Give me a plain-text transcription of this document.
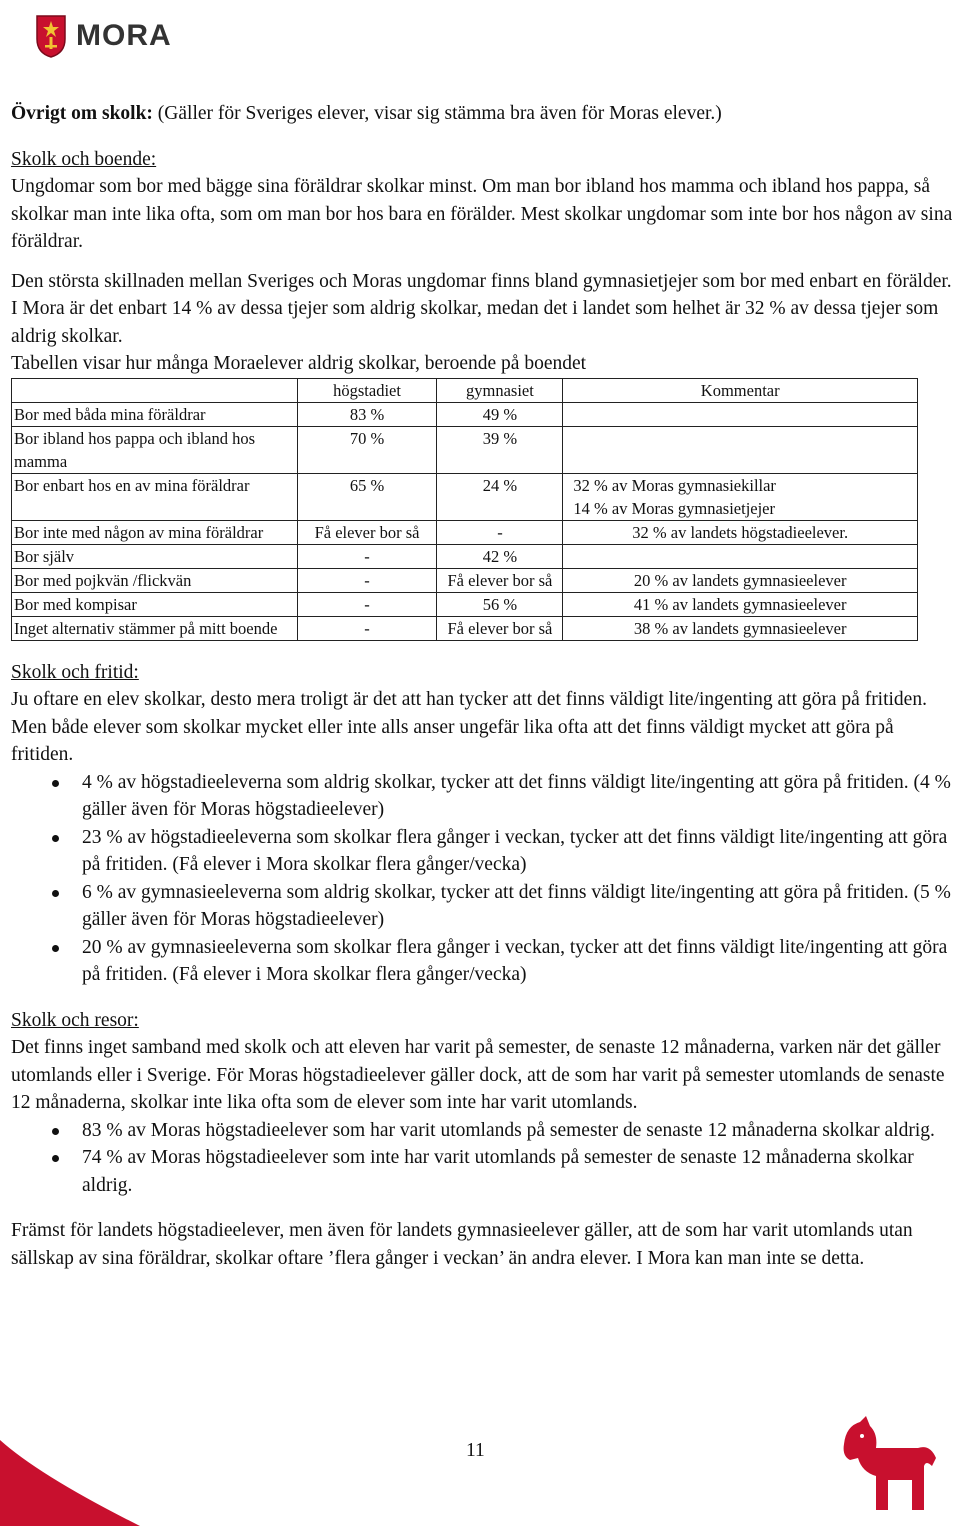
MORA

Övrigt om skolk: (Gäller för Sveriges elever, visar sig stämma bra även för Moras elever.)

Skolk och boende:

Ungdomar som bor med bägge sina föräldrar skolkar minst. Om man bor ibland hos mamma och ibland hos pappa, så skolkar man inte lika ofta, som om man bor hos bara en förälder. Mest skolkar ungdomar som inte bor hos någon av sina föräldrar.

Den största skillnaden mellan Sveriges och Moras ungdomar finns bland gymnasietjejer som bor med enbart en förälder. I Mora är det enbart 14 % av dessa tjejer som aldrig skolkar, medan det i landet som helhet är 32 % av dessa tjejer som aldrig skolkar.

Tabellen visar hur många Moraelever aldrig skolkar, beroende på boendet

	högstadiet	gymnasiet	Kommentar
Bor med båda mina föräldrar	83 %	49 %	
Bor ibland hos pappa och ibland hos mamma	70 %	39 %	
Bor enbart hos en av mina föräldrar	65 %	24 %	32 % av Moras gymnasiekillar
14 % av Moras gymnasietjejer
Bor inte med någon av mina föräldrar	Få elever bor så	-	32 % av landets högstadieelever.
Bor själv	-	42 %	
Bor med pojkvän /flickvän	-	Få elever bor så	20 % av landets gymnasieelever
Bor med kompisar	-	56 %	41 % av landets gymnasieelever
Inget alternativ stämmer på mitt boende	-	Få elever bor så	38 % av landets gymnasieelever

Skolk och fritid:

Ju oftare en elev skolkar, desto mera troligt är det att han tycker att det finns väldigt lite/ingenting att göra på fritiden. Men både elever som skolkar mycket eller inte alls anser ungefär lika ofta att det finns väldigt mycket att göra på fritiden.

4 % av högstadieeleverna som aldrig skolkar, tycker att det finns väldigt lite/ingenting att göra på fritiden. (4 % gäller även för Moras högstadieelever)
23 % av högstadieeleverna som skolkar flera gånger i veckan, tycker att det finns väldigt lite/ingenting att göra på fritiden. (Få elever i Mora skolkar flera gånger/vecka)
6 % av gymnasieeleverna som aldrig skolkar, tycker att det finns väldigt lite/ingenting att göra på fritiden. (5 % gäller även för Moras högstadieelever)
20 % av gymnasieeleverna som skolkar flera gånger i veckan, tycker att det finns väldigt lite/ingenting att göra på fritiden. (Få elever i Mora skolkar flera gånger/vecka)

Skolk och resor:

Det finns inget samband med skolk och att eleven har varit på semester, de senaste 12 månaderna, varken när det gäller utomlands eller i Sverige. För Moras högstadieelever gäller dock, att de som har varit på semester utomlands de senaste 12 månaderna, skolkar inte lika ofta som de elever som inte har varit utomlands.

83 % av Moras högstadieelever som har varit utomlands på semester de senaste 12 månaderna skolkar aldrig.
74 % av Moras högstadieelever som inte har varit utomlands på semester de senaste 12 månaderna skolkar aldrig.

Främst för landets högstadieelever, men även för landets gymnasieelever gäller, att de som har varit utomlands utan sällskap av sina föräldrar, skolkar oftare ’flera gånger i veckan’ än andra elever. I Mora kan man inte se detta.

11
